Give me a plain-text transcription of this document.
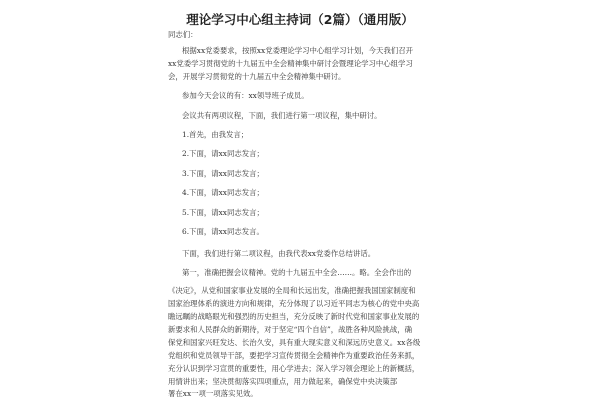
理论学习中心组主持词（2篇）（通用版）
同志们：
根据xx党委要求，按照xx党委理论学习中心组学习计划，今天我们召开
xx党委学习贯彻党的十九届五中全会精神集中研讨会暨理论学习中心组学习
会，开展学习贯彻党的十九届五中全会精神集中研讨。
参加今天会议的有：xx领导班子成员。
会议共有两项议程，下面，我们进行第一项议程，集中研讨。
1.首先，由我发言；
2.下面，请xx同志发言；
3.下面，请xx同志发言；
4.下面，请xx同志发言；
5.下面，请xx同志发言；
6.下面，请xx同志发言。
下面，我们进行第二项议程，由我代表xx党委作总结讲话。
第一，准确把握会议精神。党的十九届五中全会……。略。全会作出的
《决定》，从党和国家事业发展的全局和长远出发，准确把握我国国家制度和
国家治理体系的演进方向和规律，充分体现了以习近平同志为核心的党中央高
瞻远瞩的战略眼光和强烈的历史担当，充分反映了新时代党和国家事业发展的
新要求和人民群众的新期待，对于坚定“四个自信”，战胜各种风险挑战，确
保党和国家兴旺发达、长治久安，具有重大现实意义和深远历史意义。xx各级
党组织和党员领导干部，要把学习宣传贯彻全会精神作为重要政治任务来抓，
充分认识到学习宣贯的重要性，用心学进去；深入学习领会理论上的新概括，
用情讲出来；坚决贯彻落实四项重点，用力做起来，确保党中央决策部
署在xx一项一项落实见效。
